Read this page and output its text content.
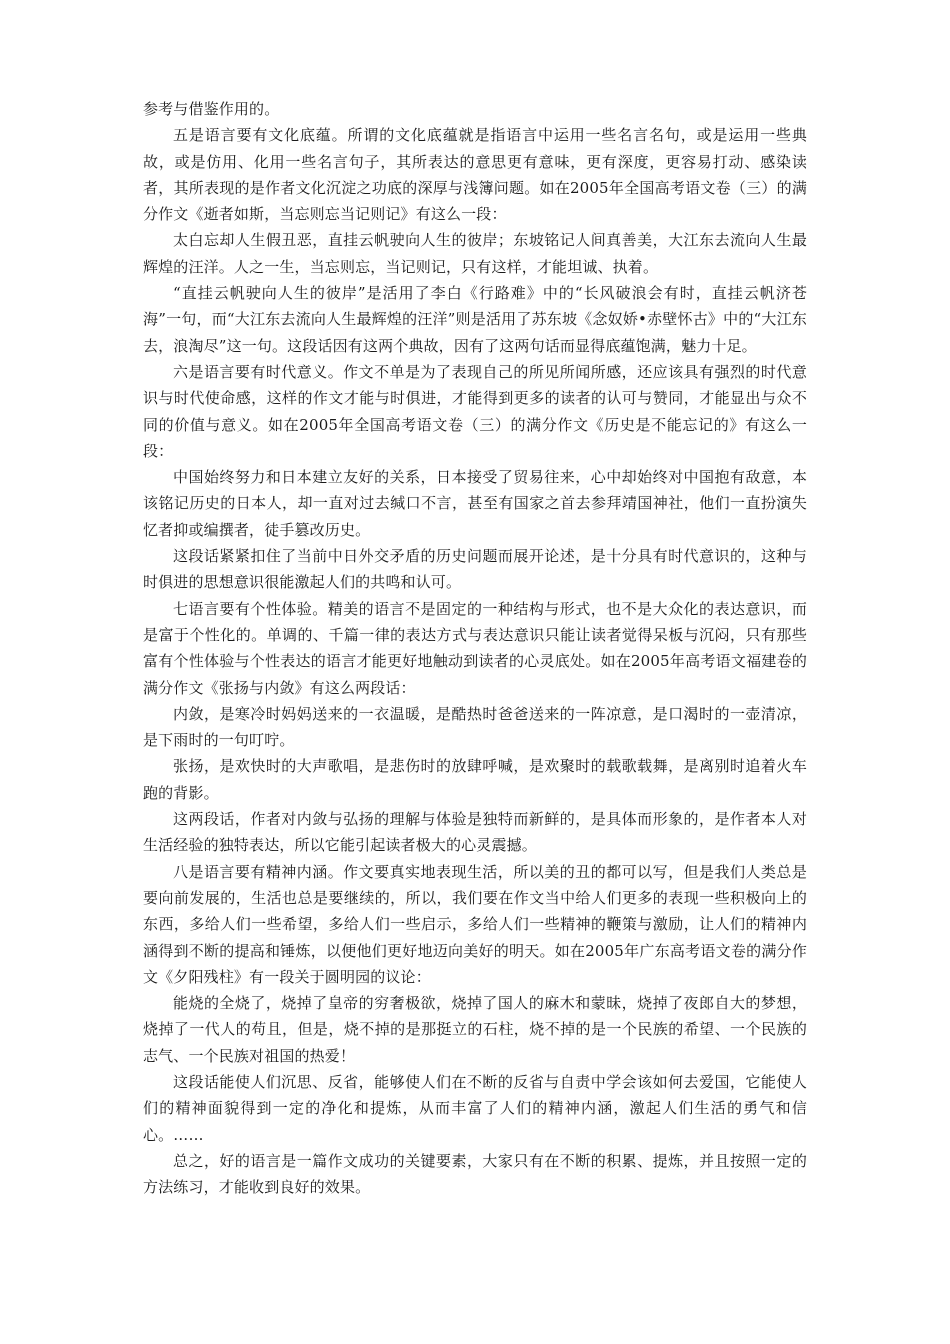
参考与借鉴作用的。

五是语言要有文化底蕴。所谓的文化底蕴就是指语言中运用一些名言名句，或是运用一些典故，或是仿用、化用一些名言句子，其所表达的意思更有意味，更有深度，更容易打动、感染读者，其所表现的是作者文化沉淀之功底的深厚与浅簿问题。如在2005年全国高考语文卷（三）的满分作文《逝者如斯，当忘则忘当记则记》有这么一段：

太白忘却人生假丑恶，直挂云帆驶向人生的彼岸；东坡铭记人间真善美，大江东去流向人生最辉煌的汪洋。人之一生，当忘则忘，当记则记，只有这样，才能坦诚、执着。

“直挂云帆驶向人生的彼岸”是活用了李白《行路难》中的“长风破浪会有时，直挂云帆济苍海”一句，而“大江东去流向人生最辉煌的汪洋”则是活用了苏东坡《念奴娇•赤壁怀古》中的“大江东去，浪淘尽”这一句。这段话因有这两个典故，因有了这两句话而显得底蕴饱满，魅力十足。

六是语言要有时代意义。作文不单是为了表现自己的所见所闻所感，还应该具有强烈的时代意识与时代使命感，这样的作文才能与时俱进，才能得到更多的读者的认可与赞同，才能显出与众不同的价值与意义。如在2005年全国高考语文卷（三）的满分作文《历史是不能忘记的》有这么一段：

中国始终努力和日本建立友好的关系，日本接受了贸易往来，心中却始终对中国抱有敌意，本该铭记历史的日本人，却一直对过去缄口不言，甚至有国家之首去参拜靖国神社，他们一直扮演失忆者抑或编撰者，徒手篡改历史。

这段话紧紧扣住了当前中日外交矛盾的历史问题而展开论述，是十分具有时代意识的，这种与时俱进的思想意识很能激起人们的共鸣和认可。

七语言要有个性体验。精美的语言不是固定的一种结构与形式，也不是大众化的表达意识，而是富于个性化的。单调的、千篇一律的表达方式与表达意识只能让读者觉得呆板与沉闷，只有那些富有个性体验与个性表达的语言才能更好地触动到读者的心灵底处。如在2005年高考语文福建卷的满分作文《张扬与内敛》有这么两段话：

内敛，是寒冷时妈妈送来的一衣温暖，是酷热时爸爸送来的一阵凉意，是口渴时的一壶清凉，是下雨时的一句叮咛。

张扬，是欢快时的大声歌唱，是悲伤时的放肆呼喊，是欢聚时的载歌载舞，是离别时追着火车跑的背影。

这两段话，作者对内敛与弘扬的理解与体验是独特而新鲜的，是具体而形象的，是作者本人对生活经验的独特表达，所以它能引起读者极大的心灵震撼。

八是语言要有精神内涵。作文要真实地表现生活，所以美的丑的都可以写，但是我们人类总是要向前发展的，生活也总是要继续的，所以，我们要在作文当中给人们更多的表现一些积极向上的东西，多给人们一些希望，多给人们一些启示，多给人们一些精神的鞭策与激励，让人们的精神内涵得到不断的提高和锤炼，以便他们更好地迈向美好的明天。如在2005年广东高考语文卷的满分作文《夕阳残柱》有一段关于圆明园的议论：

能烧的全烧了，烧掉了皇帝的穷奢极欲，烧掉了国人的麻木和蒙昧，烧掉了夜郎自大的梦想，烧掉了一代人的苟且，但是，烧不掉的是那挺立的石柱，烧不掉的是一个民族的希望、一个民族的志气、一个民族对祖国的热爱！

这段话能使人们沉思、反省，能够使人们在不断的反省与自责中学会该如何去爱国，它能使人们的精神面貌得到一定的净化和提炼，从而丰富了人们的精神内涵，激起人们生活的勇气和信心。……

总之，好的语言是一篇作文成功的关键要素，大家只有在不断的积累、提炼，并且按照一定的方法练习，才能收到良好的效果。
